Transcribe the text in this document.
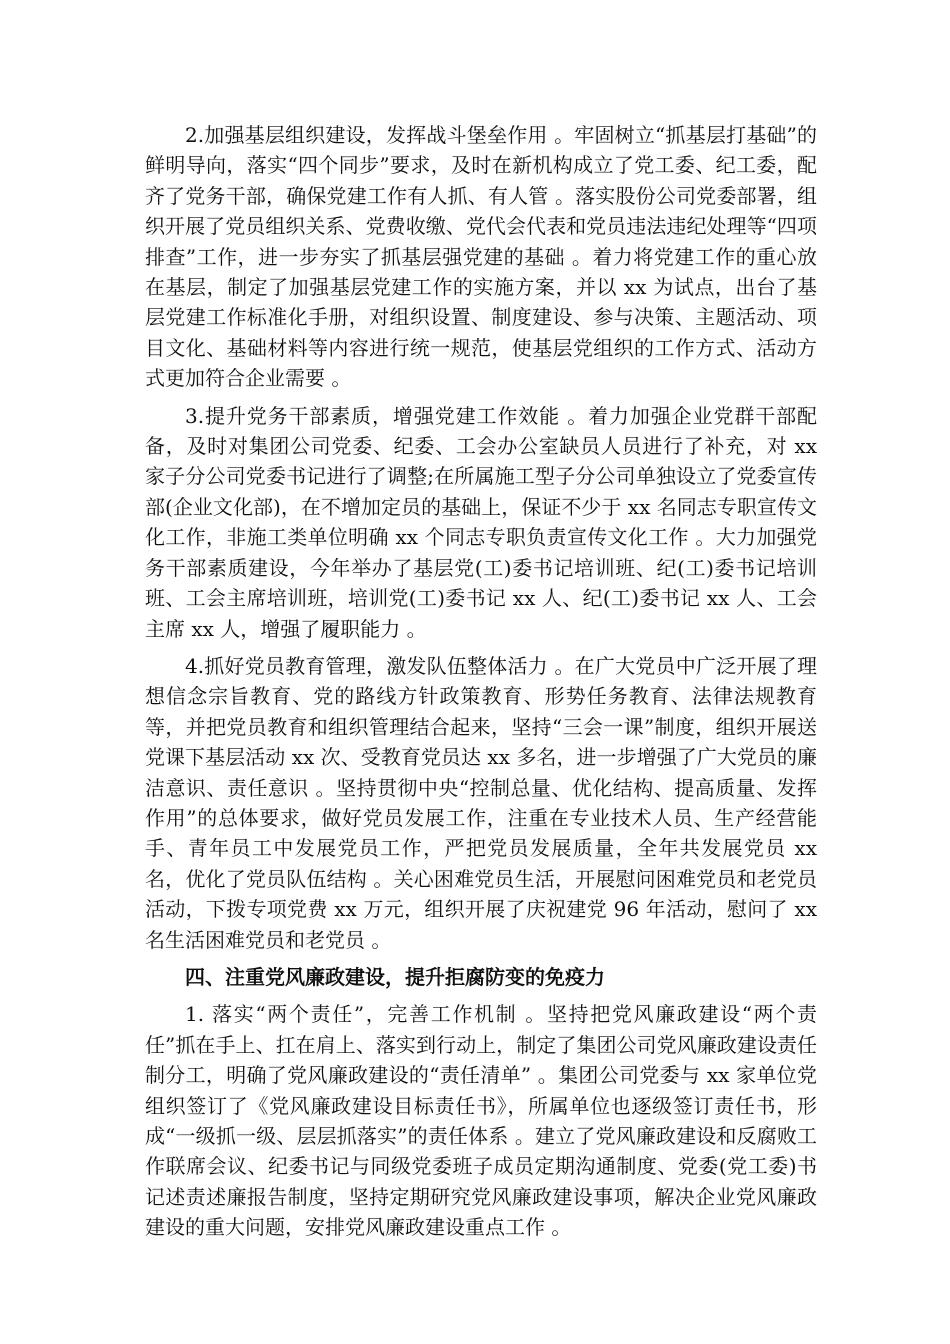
2.加强基层组织建设，发挥战斗堡垒作用 。牢固树立“抓基层打基础”的鲜明导向，落实“四个同步”要求，及时在新机构成立了党工委、纪工委，配齐了党务干部，确保党建工作有人抓、有人管 。落实股份公司党委部署，组织开展了党员组织关系、党费收缴、党代会代表和党员违法违纪处理等“四项排查”工作，进一步夯实了抓基层强党建的基础 。着力将党建工作的重心放在基层，制定了加强基层党建工作的实施方案，并以 xx 为试点，出台了基层党建工作标准化手册，对组织设置、制度建设、参与决策、主题活动、项目文化、基础材料等内容进行统一规范，使基层党组织的工作方式、活动方式更加符合企业需要 。

3.提升党务干部素质，增强党建工作效能 。着力加强企业党群干部配备，及时对集团公司党委、纪委、工会办公室缺员人员进行了补充，对 xx 家子分公司党委书记进行了调整;在所属施工型子分公司单独设立了党委宣传部(企业文化部)，在不增加定员的基础上，保证不少于 xx 名同志专职宣传文化工作，非施工类单位明确 xx 个同志专职负责宣传文化工作 。大力加强党务干部素质建设，今年举办了基层党(工)委书记培训班、纪(工)委书记培训班、工会主席培训班，培训党(工)委书记 xx 人、纪(工)委书记 xx 人、工会主席 xx 人，增强了履职能力 。

4.抓好党员教育管理，激发队伍整体活力 。在广大党员中广泛开展了理想信念宗旨教育、党的路线方针政策教育、形势任务教育、法律法规教育等，并把党员教育和组织管理结合起来，坚持“三会一课”制度，组织开展送党课下基层活动 xx 次、受教育党员达 xx 多名，进一步增强了广大党员的廉洁意识、责任意识 。坚持贯彻中央“控制总量、优化结构、提高质量、发挥作用”的总体要求，做好党员发展工作，注重在专业技术人员、生产经营能手、青年员工中发展党员工作，严把党员发展质量，全年共发展党员 xx 名，优化了党员队伍结构 。关心困难党员生活，开展慰问困难党员和老党员活动，下拨专项党费 xx 万元，组织开展了庆祝建党 96 年活动，慰问了 xx 名生活困难党员和老党员 。

四、注重党风廉政建设，提升拒腐防变的免疫力

1. 落实“两个责任”，完善工作机制 。坚持把党风廉政建设“两个责任”抓在手上、扛在肩上、落实到行动上，制定了集团公司党风廉政建设责任制分工，明确了党风廉政建设的“责任清单” 。集团公司党委与 xx 家单位党组织签订了《党风廉政建设目标责任书》，所属单位也逐级签订责任书，形成“一级抓一级、层层抓落实”的责任体系 。建立了党风廉政建设和反腐败工作联席会议、纪委书记与同级党委班子成员定期沟通制度、党委(党工委)书记述责述廉报告制度，坚持定期研究党风廉政建设事项，解决企业党风廉政建设的重大问题，安排党风廉政建设重点工作 。
